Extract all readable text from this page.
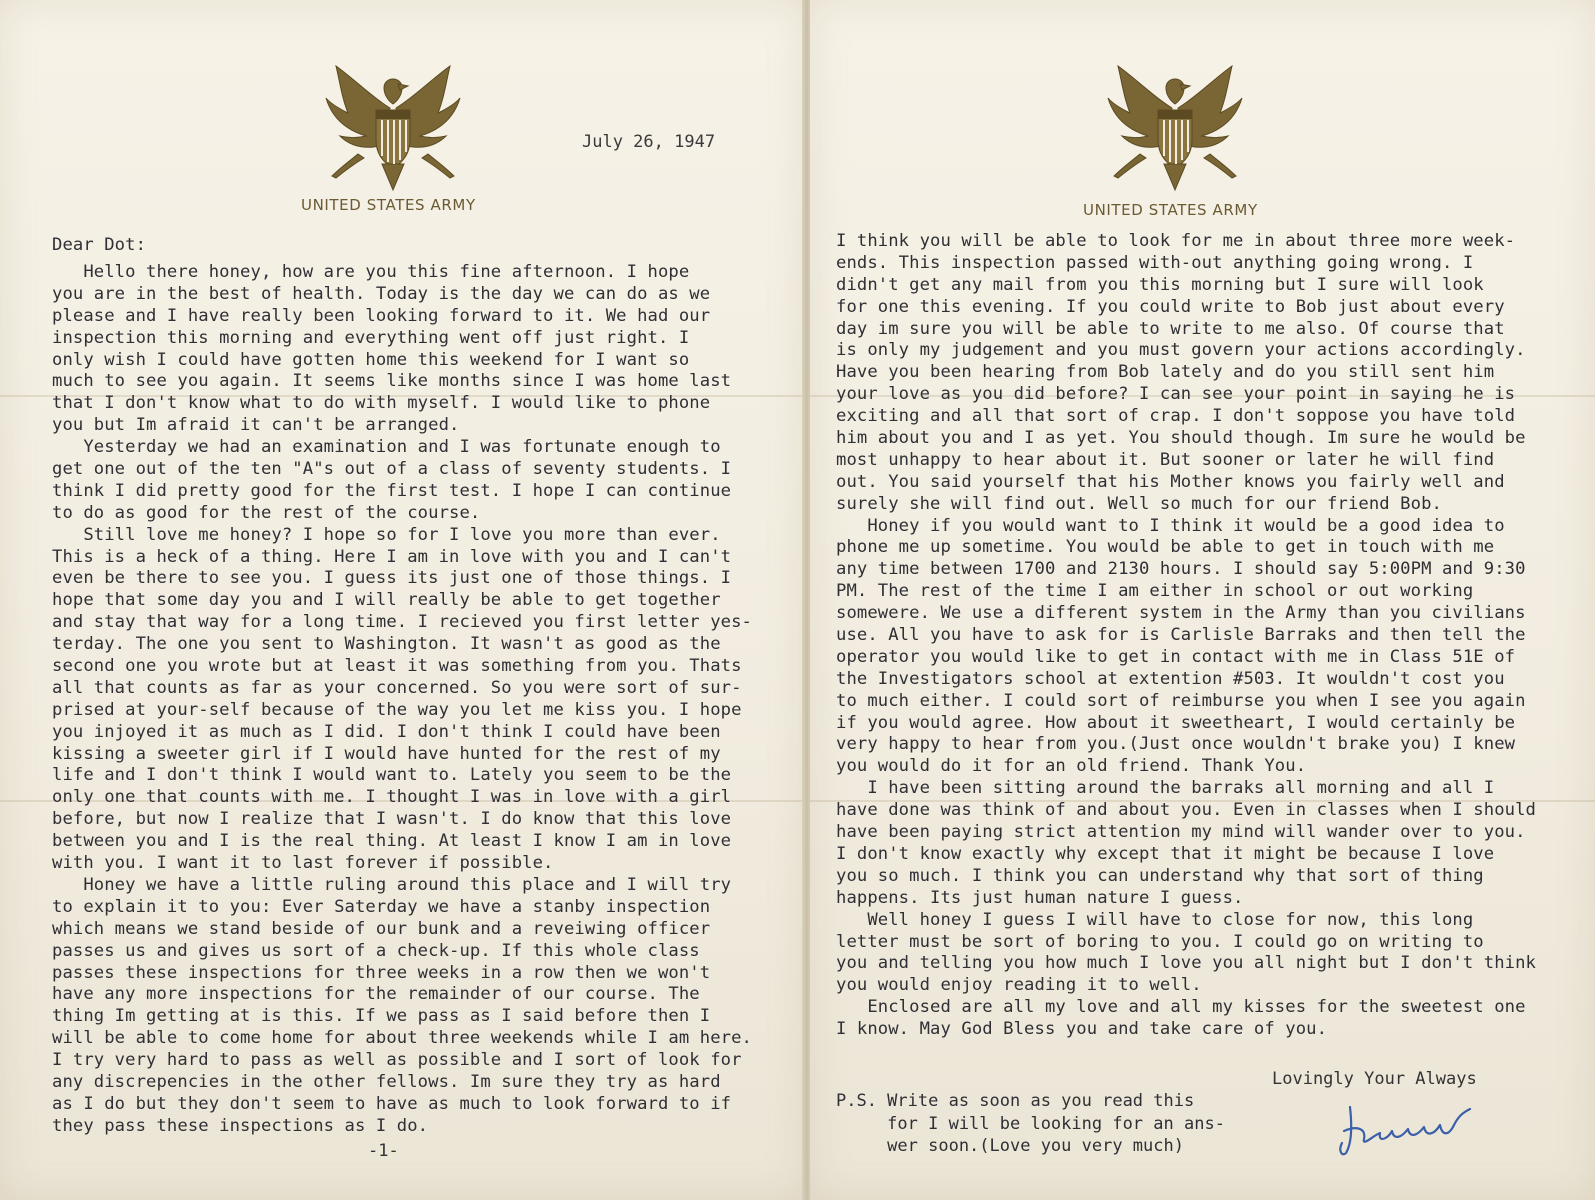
UNITED STATES ARMY
July 26, 1947
Dear Dot:
Hello there honey, how are you this fine afternoon. I hope
you are in the best of health. Today is the day we can do as we
please and I have really been looking forward to it. We had our
inspection this morning and everything went off just right. I
only wish I could have gotten home this weekend for I want so
much to see you again. It seems like months since I was home last
that I don't know what to do with myself. I would like to phone
you but Im afraid it can't be arranged.
Yesterday we had an examination and I was fortunate enough to
get one out of the ten "A"s out of a class of seventy students. I
think I did pretty good for the first test. I hope I can continue
to do as good for the rest of the course.
Still love me honey? I hope so for I love you more than ever.
This is a heck of a thing. Here I am in love with you and I can't
even be there to see you. I guess its just one of those things. I
hope that some day you and I will really be able to get together
and stay that way for a long time. I recieved you first letter yes-
terday. The one you sent to Washington. It wasn't as good as the
second one you wrote but at least it was something from you. Thats
all that counts as far as your concerned. So you were sort of sur-
prised at your-self because of the way you let me kiss you. I hope
you injoyed it as much as I did. I don't think I could have been
kissing a sweeter girl if I would have hunted for the rest of my
life and I don't think I would want to. Lately you seem to be the
only one that counts with me. I thought I was in love with a girl
before, but now I realize that I wasn't. I do know that this love
between you and I is the real thing. At least I know I am in love
with you. I want it to last forever if possible.
Honey we have a little ruling around this place and I will try
to explain it to you: Ever Saterday we have a stanby inspection
which means we stand beside of our bunk and a reveiwing officer
passes us and gives us sort of a check-up. If this whole class
passes these inspections for three weeks in a row then we won't
have any more inspections for the remainder of our course. The
thing Im getting at is this. If we pass as I said before then I
will be able to come home for about three weekends while I am here.
I try very hard to pass as well as possible and I sort of look for
any discrepencies in the other fellows. Im sure they try as hard
as I do but they don't seem to have as much to look forward to if
they pass these inspections as I do.
-1-
UNITED STATES ARMY
I think you will be able to look for me in about three more week-
ends. This inspection passed with-out anything going wrong. I
didn't get any mail from you this morning but I sure will look
for one this evening. If you could write to Bob just about every
day im sure you will be able to write to me also. Of course that
is only my judgement and you must govern your actions accordingly.
Have you been hearing from Bob lately and do you still sent him
your love as you did before? I can see your point in saying he is
exciting and all that sort of crap. I don't soppose you have told
him about you and I as yet. You should though. Im sure he would be
most unhappy to hear about it. But sooner or later he will find
out. You said yourself that his Mother knows you fairly well and
surely she will find out. Well so much for our friend Bob.
Honey if you would want to I think it would be a good idea to
phone me up sometime. You would be able to get in touch with me
any time between 1700 and 2130 hours. I should say 5:00PM and 9:30
PM. The rest of the time I am either in school or out working
somewere. We use a different system in the Army than you civilians
use. All you have to ask for is Carlisle Barraks and then tell the
operator you would like to get in contact with me in Class 51E of
the Investigators school at extention #503. It wouldn't cost you
to much either. I could sort of reimburse you when I see you again
if you would agree. How about it sweetheart, I would certainly be
very happy to hear from you.(Just once wouldn't brake you) I knew
you would do it for an old friend. Thank You.
I have been sitting around the barraks all morning and all I
have done was think of and about you. Even in classes when I should
have been paying strict attention my mind will wander over to you.
I don't know exactly why except that it might be because I love
you so much. I think you can understand why that sort of thing
happens. Its just human nature I guess.
Well honey I guess I will have to close for now, this long
letter must be sort of boring to you. I could go on writing to
you and telling you how much I love you all night but I don't think
you would enjoy reading it to well.
Enclosed are all my love and all my kisses for the sweetest one
I know. May God Bless you and take care of you.
Lovingly Your Always
P.S. Write as soon as you read this
for I will be looking for an ans-
wer soon.(Love you very much)
